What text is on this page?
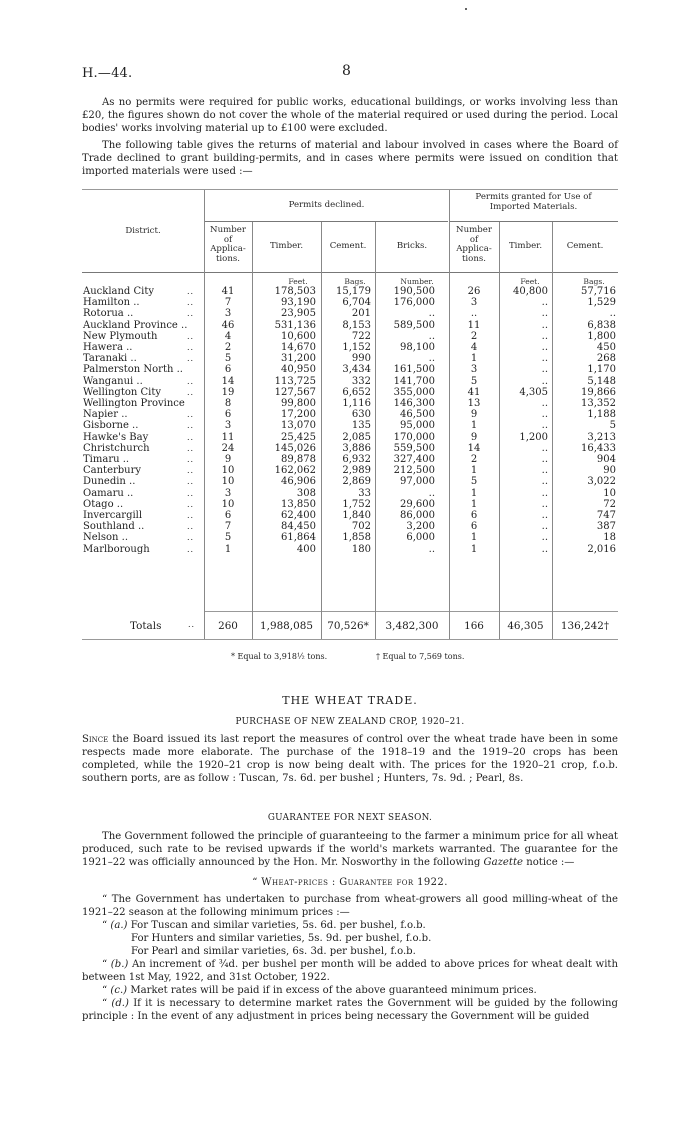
H.—44.	8

As no permits were required for public works, educational buildings, or works involving less than £20, the figures shown do not cover the whole of the material required or used during the period. Local bodies' works involving material up to £100 were excluded.

The following table gives the returns of material and labour involved in cases where the Board of Trade declined to grant building-permits, and in cases where permits were issued on condition that imported materials were used :—

District.
Permits declined.
Permits granted for Use of
Imported Materials.
Number
of
Applica-
tions.
Timber.	Cement.	Bricks.
Number
of
Applica-
tions.
Timber.	Cement.
Feet.	Bags.	Number.	Feet.	Bags.
Auckland City	..	41	178,503	15,179	190,500	26	40,800	57,716
Hamilton ..	..	7	93,190	6,704	176,000	3	..	1,529
Rotorua ..	..	3	23,905	201	..	..	..	..
Auckland Province ..	46	531,136	8,153	589,500	11	..	6,838
New Plymouth	..	4	10,600	722	..	2	..	1,800
Hawera ..	..	2	14,670	1,152	98,100	4	..	450
Taranaki ..	..	5	31,200	990	..	1	..	268
Palmerston North ..	6	40,950	3,434	161,500	3	..	1,170
Wanganui ..	..	14	113,725	332	141,700	5	..	5,148
Wellington City	..	19	127,567	6,652	355,000	41	4,305	19,866
Wellington Province	8	99,800	1,116	146,300	13	..	13,352
Napier ..	..	6	17,200	630	46,500	9	..	1,188
Gisborne ..	..	3	13,070	135	95,000	1	..	5
Hawke's Bay	..	11	25,425	2,085	170,000	9	1,200	3,213
Christchurch	..	24	145,026	3,886	559,500	14	..	16,433
Timaru ..	..	9	89,878	6,932	327,400	2	..	904
Canterbury	..	10	162,062	2,989	212,500	1	..	90
Dunedin ..	..	10	46,906	2,869	97,000	5	..	3,022
Oamaru ..	..	3	308	33	..	1	..	10
Otago ..	..	10	13,850	1,752	29,600	1	..	72
Invercargill	..	6	62,400	1,840	86,000	6	..	747
Southland ..	..	7	84,450	702	3,200	6	..	387
Nelson ..	..	5	61,864	1,858	6,000	1	..	18
Marlborough	..	1	400	180	..	1	..	2,016
Totals	..	260	1,988,085	70,526*	3,482,300	166	46,305	136,242†
* Equal to 3,918½ tons.	† Equal to 7,569 tons.
THE WHEAT TRADE.
PURCHASE OF NEW ZEALAND CROP, 1920–21.

Since the Board issued its last report the measures of control over the wheat trade have been in some respects made more elaborate. The purchase of the 1918–19 and the 1919–20 crops has been completed, while the 1920–21 crop is now being dealt with. The prices for the 1920–21 crop, f.o.b. southern ports, are as follow : Tuscan, 7s. 6d. per bushel ; Hunters, 7s. 9d. ; Pearl, 8s.

GUARANTEE FOR NEXT SEASON.

The Government followed the principle of guaranteeing to the farmer a minimum price for all wheat produced, such rate to be revised upwards if the world's markets warranted. The guarantee for the 1921–22 was officially announced by the Hon. Mr. Nosworthy in the following Gazette notice :—

“ Wheat-prices : Guarantee for 1922.

“ The Government has undertaken to purchase from wheat-growers all good milling-wheat of the 1921–22 season at the following minimum prices :—

“ (a.) For Tuscan and similar varieties, 5s. 6d. per bushel, f.o.b.
For Hunters and similar varieties, 5s. 9d. per bushel, f.o.b.
For Pearl and similar varieties, 6s. 3d. per bushel, f.o.b.

“ (b.) An increment of ¾d. per bushel per month will be added to above prices for wheat dealt with between 1st May, 1922, and 31st October, 1922.

“ (c.) Market rates will be paid if in excess of the above guaranteed minimum prices.

“ (d.) If it is necessary to determine market rates the Government will be guided by the following principle : In the event of any adjustment in prices being necessary the Government will be guided
